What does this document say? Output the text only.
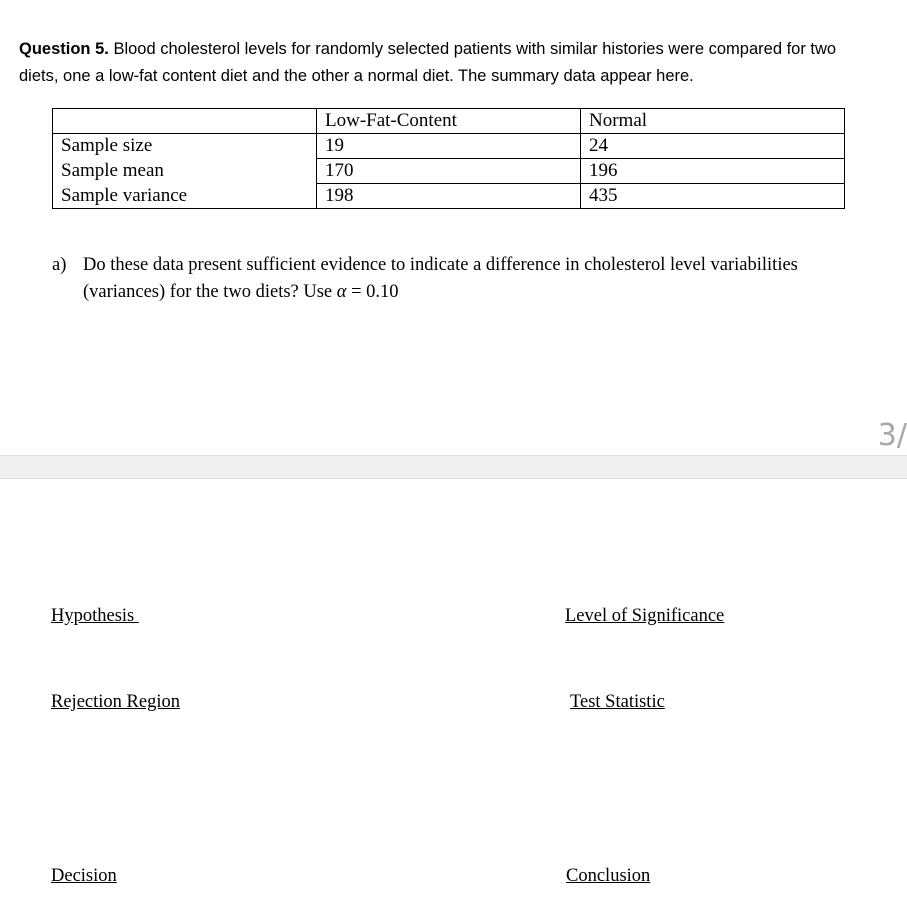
Question 5. Blood cholesterol levels for randomly selected patients with similar histories were compared for two diets, one a low-fat content diet and the other a normal diet. The summary data appear here.
	Low-Fat-Content	Normal
Sample size	19	24
Sample mean	170	196
Sample variance	198	435
a) Do these data present sufficient evidence to indicate a difference in cholesterol level variabilities (variances) for the two diets? Use α = 0.10
3/
Hypothesis	Level of Significance
Rejection Region	Test Statistic
Decision	Conclusion
